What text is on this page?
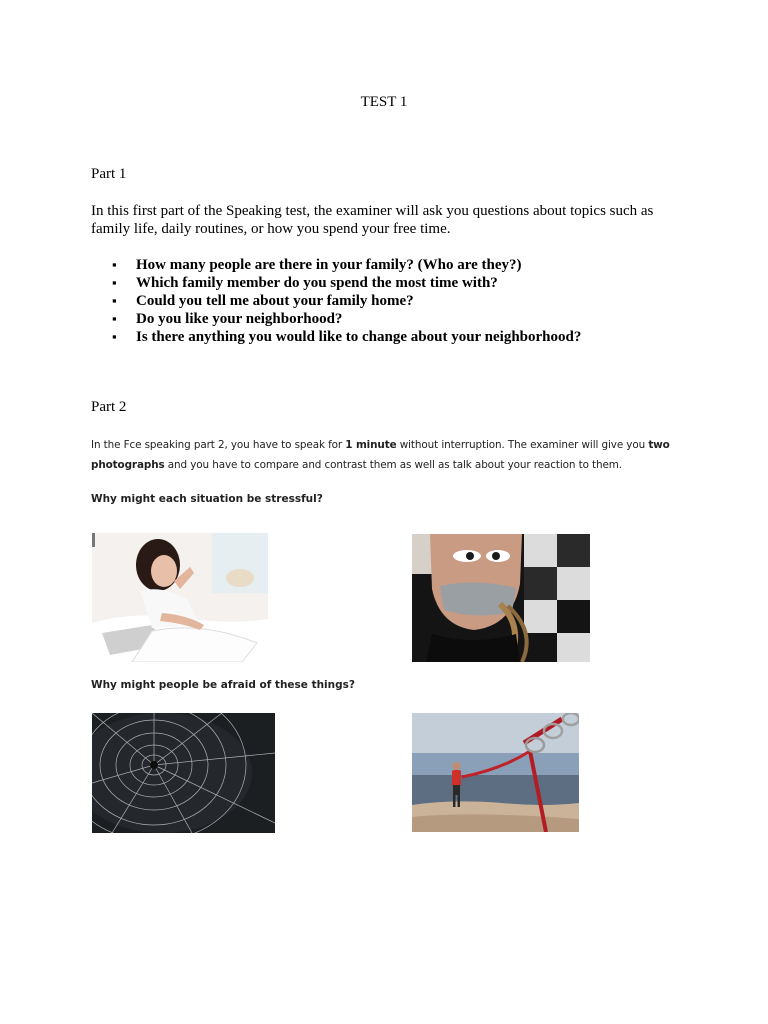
TEST 1
Part 1
In this first part of the Speaking test, the examiner will ask you questions about topics such as family life, daily routines, or how you spend your free time.
▪ How many people are there in your family? (Who are they?)
▪ Which family member do you spend the most time with?
▪ Could you tell me about your family home?
▪ Do you like your neighborhood?
▪ Is there anything you would like to change about your neighborhood?
Part 2
In the Fce speaking part 2, you have to speak for 1 minute without interruption. The examiner will give you two photographs and you have to compare and contrast them as well as talk about your reaction to them.
Why might each situation be stressful?
Why might people be afraid of these things?
